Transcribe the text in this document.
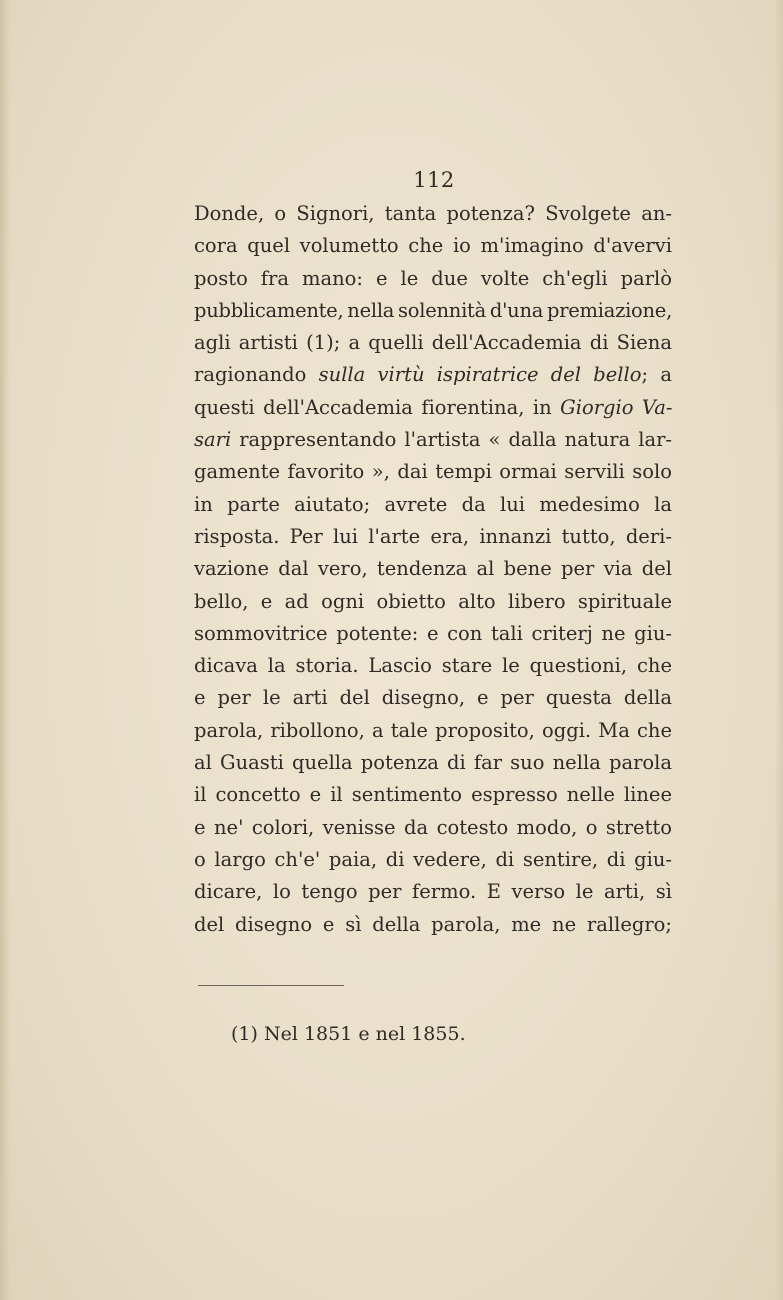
112
Donde, o Signori, tanta potenza? Svolgete an-
cora quel volumetto che io m'imagino d'avervi
posto fra mano: e le due volte ch'egli parlò
pubblicamente, nella solennità d'una premiazione,
agli artisti (1); a quelli dell'Accademia di Siena
ragionando sulla virtù ispiratrice del bello; a
questi dell'Accademia fiorentina, in Giorgio Va-
sari rappresentando l'artista « dalla natura lar-
gamente favorito », dai tempi ormai servili solo
in parte aiutato; avrete da lui medesimo la
risposta. Per lui l'arte era, innanzi tutto, deri-
vazione dal vero, tendenza al bene per via del
bello, e ad ogni obietto alto libero spirituale
sommovitrice potente: e con tali criterj ne giu-
dicava la storia. Lascio stare le questioni, che
e per le arti del disegno, e per questa della
parola, ribollono, a tale proposito, oggi. Ma che
al Guasti quella potenza di far suo nella parola
il concetto e il sentimento espresso nelle linee
e ne' colori, venisse da cotesto modo, o stretto
o largo ch'e' paia, di vedere, di sentire, di giu-
dicare, lo tengo per fermo. E verso le arti, sì
del disegno e sì della parola, me ne rallegro;
(1) Nel 1851 e nel 1855.
